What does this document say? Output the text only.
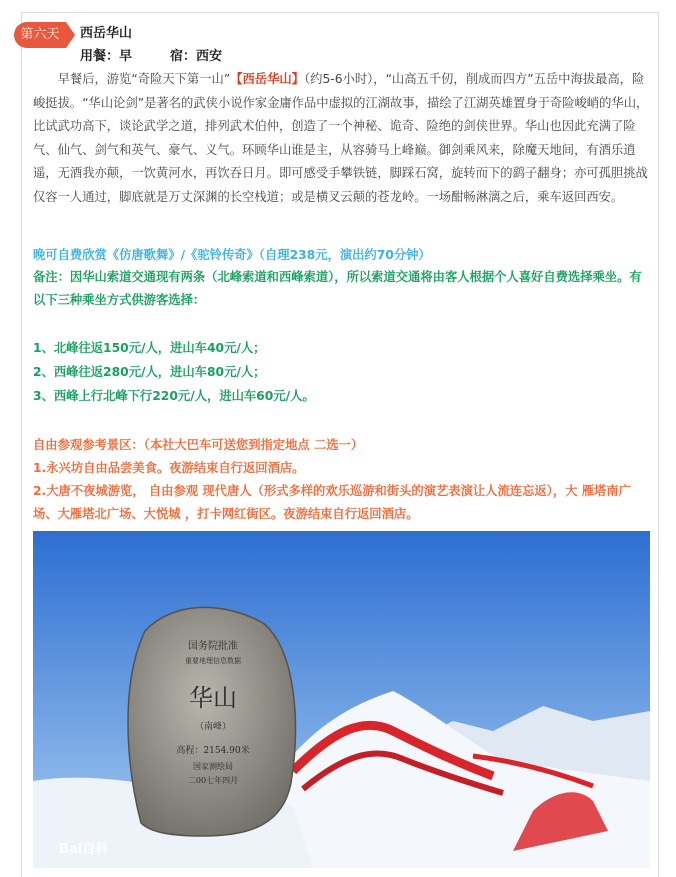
第六天	西岳华山
用餐：早	宿：西安
早餐后，游览“奇险天下第一山”【西岳华山】（约5-6小时），“山高五千仞，削成而四方”五岳中海拔最高，险峻挺拔。“华山论剑”是著名的武侠小说作家金庸作品中虚拟的江湖故事，描绘了江湖英雄置身于奇险峻峭的华山，比试武功高下，谈论武学之道，排列武术伯仲，创造了一个神秘、诡奇、险绝的剑侠世界。华山也因此充满了险气、仙气、剑气和英气、豪气、义气。环顾华山谁是主，从容骑马上峰巅。御剑乘风来，除魔天地间，有酒乐逍遥，无酒我亦颠，一饮黄河水，再饮吞日月。即可感受手攀铁链，脚踩石窝，旋转而下的鹞子翻身；亦可孤胆挑战仅容一人通过，脚底就是万丈深渊的长空栈道；或是横叉云颠的苍龙岭。一场酣畅淋漓之后，乘车返回西安。
晚可自费欣赏《仿唐歌舞》/《驼铃传奇》（自理238元，演出约70分钟）
备注：因华山索道交通现有两条（北峰索道和西峰索道），所以索道交通将由客人根据个人喜好自费选择乘坐。有以下三种乘坐方式供游客选择：
1、北峰往返150元/人，进山车40元/人；
2、西峰往返280元/人，进山车80元/人；
3、西峰上行北峰下行220元/人，进山车60元/人。
自由参观参考景区：（本社大巴车可送您到指定地点 二选一）
1.永兴坊自由品尝美食。夜游结束自行返回酒店。
2.大唐不夜城游览， 自由参观 现代唐人（形式多样的欢乐巡游和街头的演艺表演让人流连忘返），大 雁塔南广场、大雁塔北广场、大悦城 ，打卡网红街区。夜游结束自行返回酒店。
国务院批准
重要地理信息数据
华山
（南峰）
高程：2154.90米
国家测绘局
二00七年四月
Bai百科
